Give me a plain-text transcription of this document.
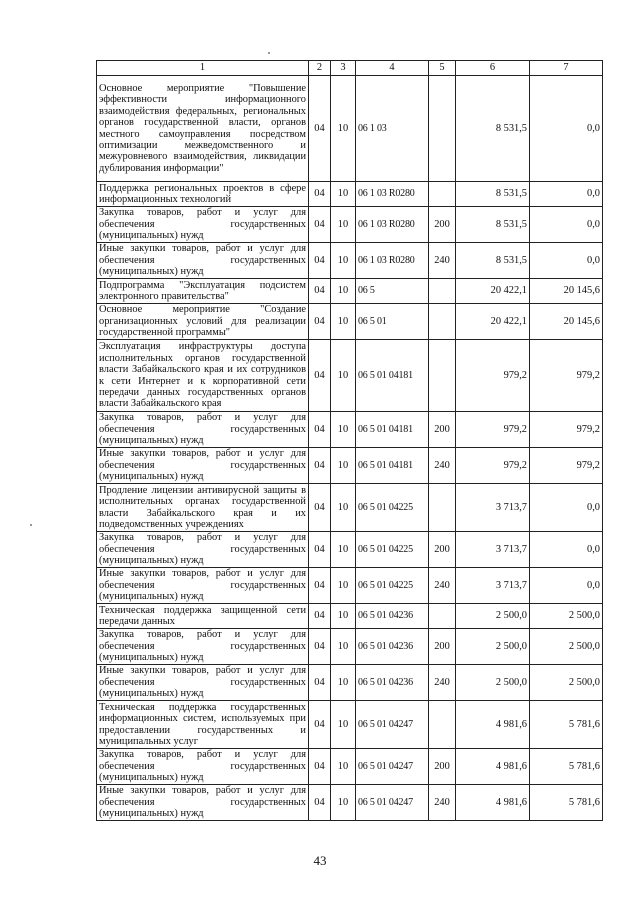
1	2	3	4	5	6	7
Основное мероприятие "Повышение эффективности информационного взаимодействия федеральных, региональных органов государственной власти, органов местного самоуправления посредством оптимизации межведомственного и межуровневого взаимодействия, ликвидации дублирования информации"	04	10	06 1 03		8 531,5	0,0
Поддержка региональных проектов в сфере информационных технологий	04	10	06 1 03 R0280		8 531,5	0,0
Закупка товаров, работ и услуг для обеспечения государственных (муниципальных) нужд	04	10	06 1 03 R0280	200	8 531,5	0,0
Иные закупки товаров, работ и услуг для обеспечения государственных (муниципальных) нужд	04	10	06 1 03 R0280	240	8 531,5	0,0
Подпрограмма "Эксплуатация подсистем электронного правительства"	04	10	06 5		20 422,1	20 145,6
Основное мероприятие "Создание организационных условий для реализации государственной программы"	04	10	06 5 01		20 422,1	20 145,6
Эксплуатация инфраструктуры доступа исполнительных органов государственной власти Забайкальского края и их сотрудников к сети Интернет и к корпоративной сети передачи данных государственных органов власти Забайкальского края	04	10	06 5 01 04181		979,2	979,2
Закупка товаров, работ и услуг для обеспечения государственных (муниципальных) нужд	04	10	06 5 01 04181	200	979,2	979,2
Иные закупки товаров, работ и услуг для обеспечения государственных (муниципальных) нужд	04	10	06 5 01 04181	240	979,2	979,2
Продление лицензии антивирусной защиты в исполнительных органах государственной власти Забайкальского края и их подведомственных учреждениях	04	10	06 5 01 04225		3 713,7	0,0
Закупка товаров, работ и услуг для обеспечения государственных (муниципальных) нужд	04	10	06 5 01 04225	200	3 713,7	0,0
Иные закупки товаров, работ и услуг для обеспечения государственных (муниципальных) нужд	04	10	06 5 01 04225	240	3 713,7	0,0
Техническая поддержка защищенной сети передачи данных	04	10	06 5 01 04236		2 500,0	2 500,0
Закупка товаров, работ и услуг для обеспечения государственных (муниципальных) нужд	04	10	06 5 01 04236	200	2 500,0	2 500,0
Иные закупки товаров, работ и услуг для обеспечения государственных (муниципальных) нужд	04	10	06 5 01 04236	240	2 500,0	2 500,0
Техническая поддержка государственных информационных систем, используемых при предоставлении государственных и муниципальных услуг	04	10	06 5 01 04247		4 981,6	5 781,6
Закупка товаров, работ и услуг для обеспечения государственных (муниципальных) нужд	04	10	06 5 01 04247	200	4 981,6	5 781,6
Иные закупки товаров, работ и услуг для обеспечения государственных (муниципальных) нужд	04	10	06 5 01 04247	240	4 981,6	5 781,6
43
